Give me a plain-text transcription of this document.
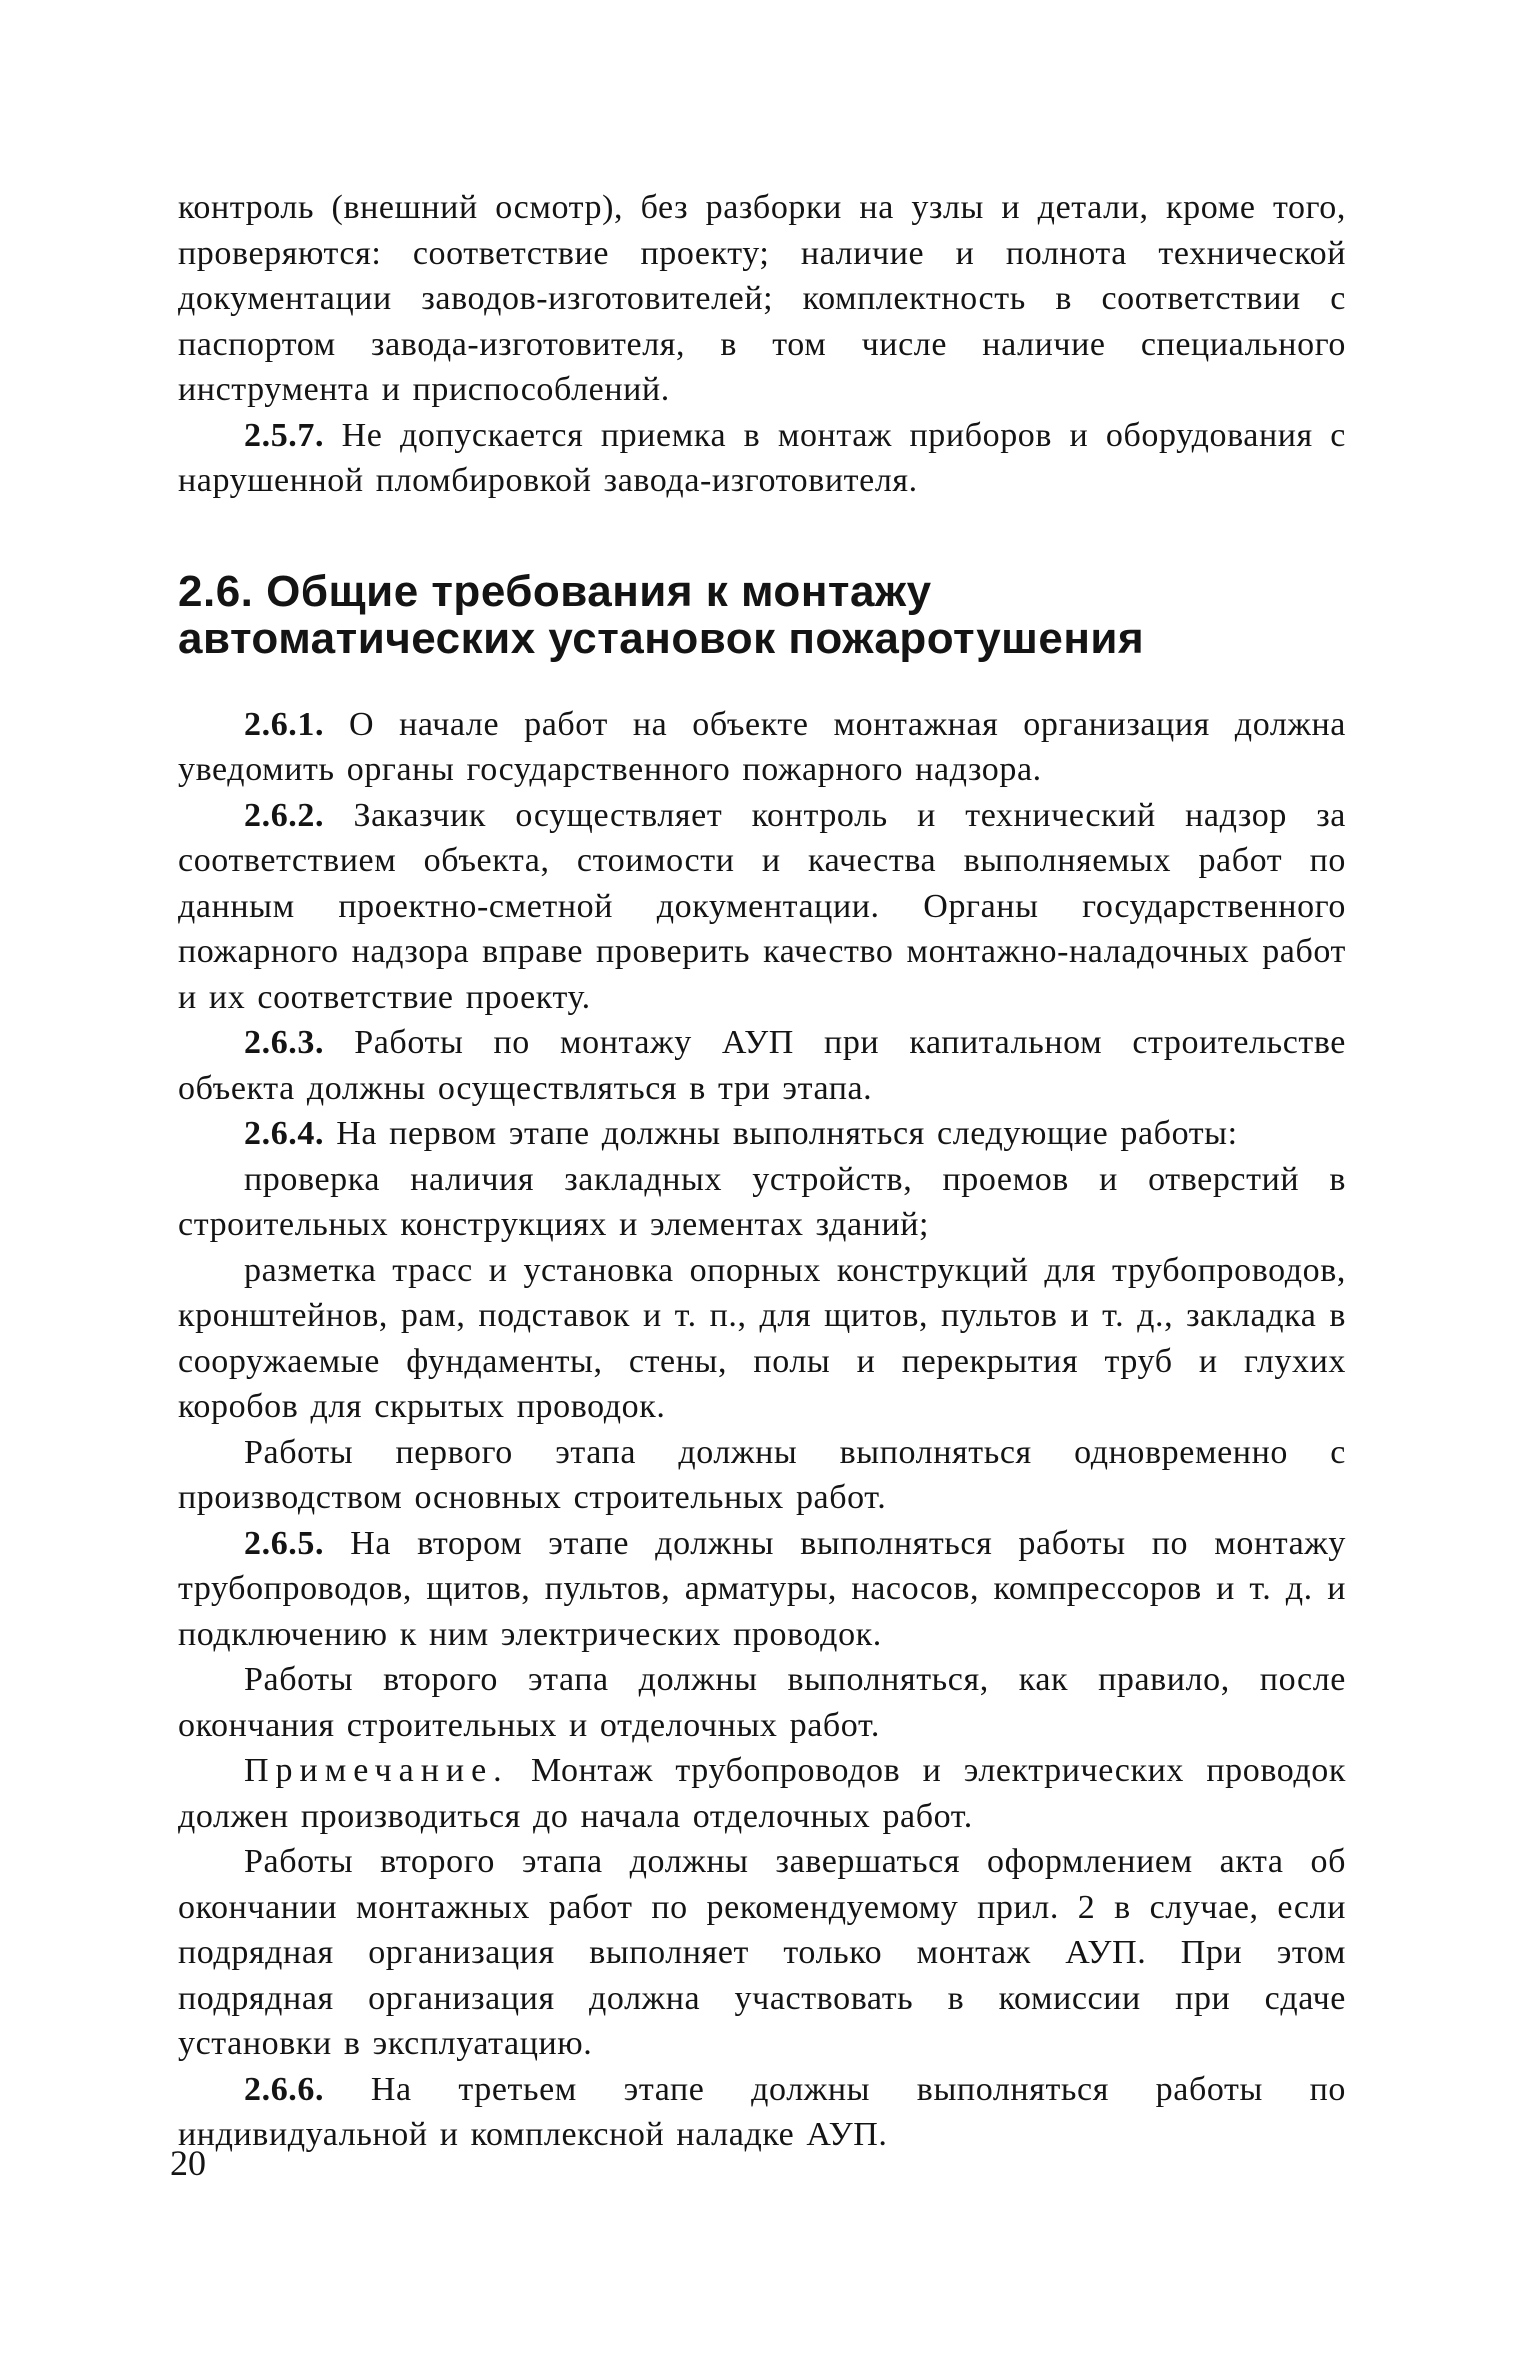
контроль (внешний осмотр), без разборки на узлы и детали, кроме того, проверяются: соответствие проекту; наличие и полнота технической документации заводов-изготовителей; комплектность в соответствии с паспортом завода-изготовителя, в том числе наличие специального инструмента и приспособлений.

2.5.7. Не допускается приемка в монтаж приборов и оборудования с нарушенной пломбировкой завода-изготовителя.

2.6. Общие требования к монтажу
автоматических установок пожаротушения

2.6.1. О начале работ на объекте монтажная организация должна уведомить органы государственного пожарного надзора.

2.6.2. Заказчик осуществляет контроль и технический надзор за соответствием объекта, стоимости и качества выполняемых работ по данным проектно-сметной документации. Органы государственного пожарного надзора вправе проверить качество монтажно-наладочных работ и их соответствие проекту.

2.6.3. Работы по монтажу АУП при капитальном строительстве объекта должны осуществляться в три этапа.

2.6.4. На первом этапе должны выполняться следующие работы:

проверка наличия закладных устройств, проемов и отверстий в строительных конструкциях и элементах зданий;

разметка трасс и установка опорных конструкций для трубопроводов, кронштейнов, рам, подставок и т. п., для щитов, пультов и т. д., закладка в сооружаемые фундаменты, стены, полы и перекрытия труб и глухих коробов для скрытых проводок.

Работы первого этапа должны выполняться одновременно с производством основных строительных работ.

2.6.5. На втором этапе должны выполняться работы по монтажу трубопроводов, щитов, пультов, арматуры, насосов, компрессоров и т. д. и подключению к ним электрических проводок.

Работы второго этапа должны выполняться, как правило, после окончания строительных и отделочных работ.

Примечание. Монтаж трубопроводов и электрических проводок должен производиться до начала отделочных работ.

Работы второго этапа должны завершаться оформлением акта об окончании монтажных работ по рекомендуемому прил. 2 в случае, если подрядная организация выполняет только монтаж АУП. При этом подрядная организация должна участвовать в комиссии при сдаче установки в эксплуатацию.

2.6.6. На третьем этапе должны выполняться работы по индивидуальной и комплексной наладке АУП.

20
